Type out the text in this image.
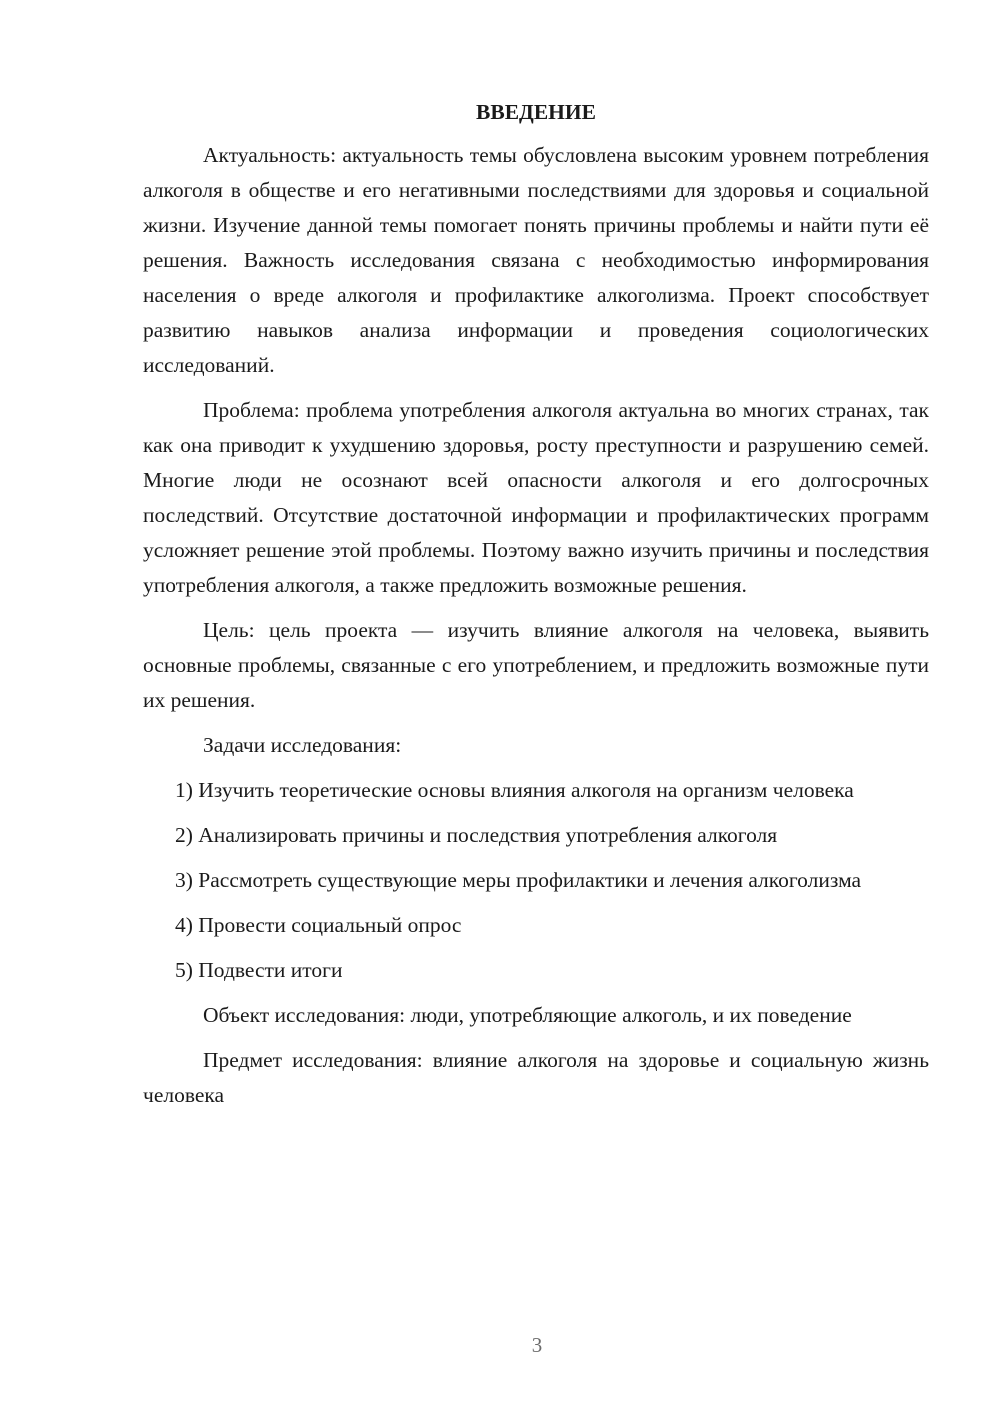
ВВЕДЕНИЕ

Актуальность: актуальность темы обусловлена высоким уровнем потребления алкоголя в обществе и его негативными последствиями для здоровья и социальной жизни. Изучение данной темы помогает понять причины проблемы и найти пути её решения. Важность исследования связана с необходимостью информирования населения о вреде алкоголя и профилактике алкоголизма. Проект способствует развитию навыков анализа информации и проведения социологических исследований.

Проблема: проблема употребления алкоголя актуальна во многих странах, так как она приводит к ухудшению здоровья, росту преступности и разрушению семей. Многие люди не осознают всей опасности алкоголя и его долгосрочных последствий. Отсутствие достаточной информации и профилактических программ усложняет решение этой проблемы. Поэтому важно изучить причины и последствия употребления алкоголя, а также предложить возможные решения.

Цель: цель проекта — изучить влияние алкоголя на человека, выявить основные проблемы, связанные с его употреблением, и предложить возможные пути их решения.

Задачи исследования:

1) Изучить теоретические основы влияния алкоголя на организм человека

2) Анализировать причины и последствия употребления алкоголя

3) Рассмотреть существующие меры профилактики и лечения алкоголизма

4) Провести социальный опрос

5) Подвести итоги

Объект исследования: люди, употребляющие алкоголь, и их поведение

Предмет исследования: влияние алкоголя на здоровье и социальную жизнь человека

3
